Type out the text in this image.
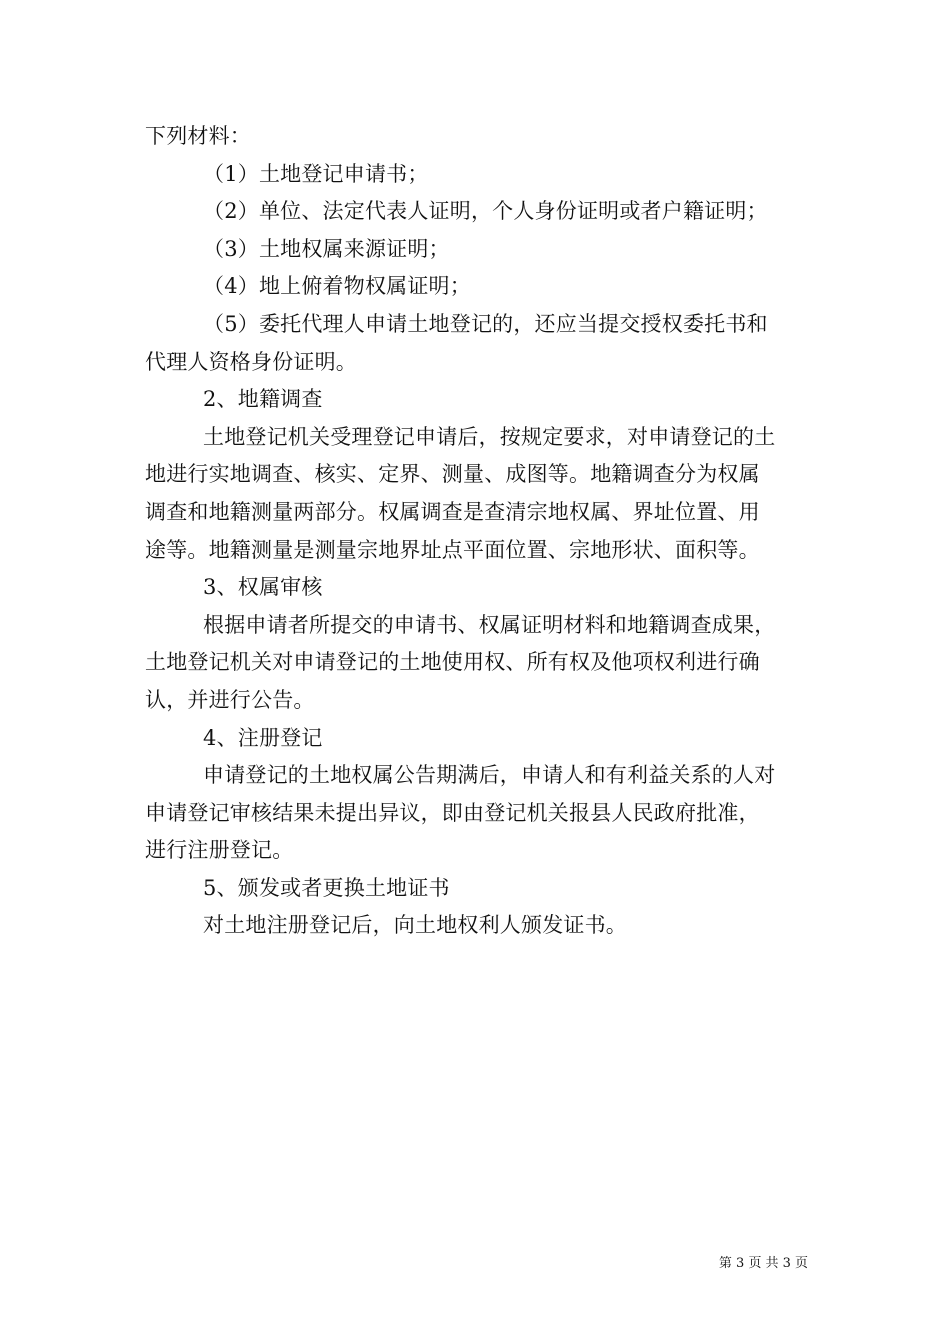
下列材料：
（1）土地登记申请书；
（2）单位、法定代表人证明，个人身份证明或者户籍证明；
（3）土地权属来源证明；
（4）地上俯着物权属证明；
（5）委托代理人申请土地登记的，还应当提交授权委托书和
代理人资格身份证明。
2、地籍调查
土地登记机关受理登记申请后，按规定要求，对申请登记的土
地进行实地调查、核实、定界、测量、成图等。地籍调查分为权属
调查和地籍测量两部分。权属调查是查清宗地权属、界址位置、用
途等。地籍测量是测量宗地界址点平面位置、宗地形状、面积等。
3、权属审核
根据申请者所提交的申请书、权属证明材料和地籍调查成果，
土地登记机关对申请登记的土地使用权、所有权及他项权利进行确
认，并进行公告。
4、注册登记
申请登记的土地权属公告期满后，申请人和有利益关系的人对
申请登记审核结果未提出异议，即由登记机关报县人民政府批准，
进行注册登记。
5、颁发或者更换土地证书
对土地注册登记后，向土地权利人颁发证书。
第 3 页 共 3 页
